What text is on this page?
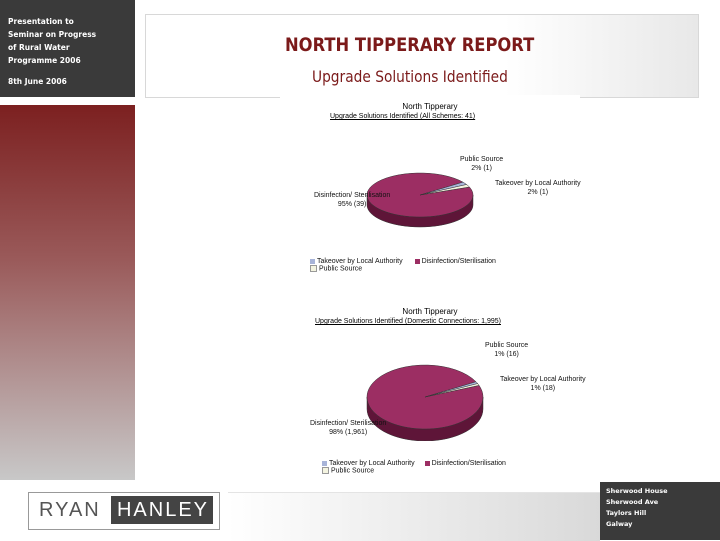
Presentation to
Seminar on Progress
of Rural Water
Programme 2006
8th June 2006
NORTH TIPPERARY REPORT
Upgrade Solutions Identified
North Tipperary
Upgrade Solutions Identified (All Schemes: 41)
Public Source
2% (1)
Takeover by Local Authority
2% (1)
Disinfection/ Sterilisation
95% (39)
Takeover by Local Authority	Disinfection/Sterilisation
Public Source
North Tipperary
Upgrade Solutions Identified (Domestic Connections: 1,995)
Public Source
1% (16)
Takeover by Local Authority
1% (18)
Disinfection/ Sterilisation
98% (1,961)
Takeover by Local Authority Disinfection/Sterilisation
Public Source
RYAN HANLEY
Sherwood House
Sherwood Ave
Taylors Hill
Galway
